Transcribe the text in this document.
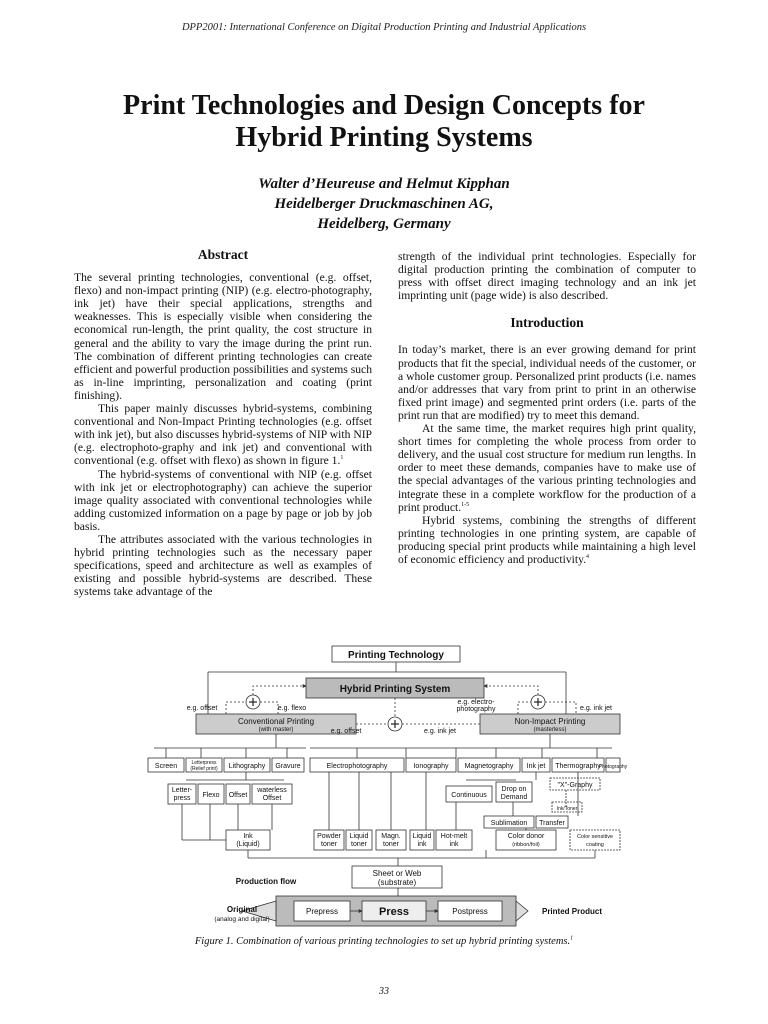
DPP2001: International Conference on Digital Production Printing and Industrial Applications
Print Technologies and Design Concepts for
Hybrid Printing Systems
Walter d’Heureuse and Helmut Kipphan
Heidelberger Druckmaschinen AG,
Heidelberg, Germany

Abstract

The several printing technologies, conventional (e.g. offset, flexo) and non-impact printing (NIP) (e.g. electro-photography, ink jet) have their special applications, strengths and weaknesses. This is especially visible when considering the economical run-length, the print quality, the cost structure in general and the ability to vary the image during the print run. The combination of different printing technologies can create efficient and powerful production possibilities and systems such as in-line imprinting, personalization and coating (print finishing).

This paper mainly discusses hybrid-systems, combining conventional and Non-Impact Printing technologies (e.g. offset with ink jet), but also discusses hybrid-systems of NIP with NIP (e.g. electrophoto-graphy and ink jet) and conventional with conventional (e.g. offset with flexo) as shown in figure 1.$^1$

The hybrid-systems of conventional with NIP (e.g. offset with ink jet or electrophotography) can achieve the superior image quality associated with conventional technologies while adding customized information on a page by page or job by job basis.

The attributes associated with the various technologies in hybrid printing technologies such as the necessary paper specifications, speed and architecture as well as examples of existing and possible hybrid-systems are described. These systems take advantage of the

strength of the individual print technologies. Especially for digital production printing the combination of computer to press with offset direct imaging technology and an ink jet imprinting unit (page wide) is also described.

Introduction

In today’s market, there is an ever growing demand for print products that fit the special, individual needs of the customer, or a whole customer group. Personalized print products (i.e. names and/or addresses that vary from print to print in an otherwise fixed print image) and segmented print orders (i.e. parts of the print run that are modified) try to meet this demand.

At the same time, the market requires high print quality, short times for completing the whole process from order to delivery, and the usual cost structure for medium run lengths. In order to meet these demands, companies have to make use of the special advantages of the various printing technologies and integrate these in a complete workflow for the production of a print product.$^{1-5}$

Hybrid systems, combining the strengths of different printing technologies in one printing system, are capable of producing special print products while maintaining a high level of economic efficiency and productivity.$^4$

Printing Technology
Hybrid Printing System
e.g. offset	e.g. flexo
e.g. electro-
photography	e.g. ink jet
e.g. offset	e.g. ink jet
Conventional Printing
(with master)
Non-Impact Printing
(masterless)
Screen	Letterpress
(Relief print) Lithography Gravure	Electrophotography	Ionography Magnetography Ink jet Thermography
Photography
Letter-
press Flexo Offset
waterless
Offset
"X"-Graphy
Ink/Toner
Continuous
Drop on
Demand
Sublimation Transfer
Ink
(Liquid)
Powder
toner
Liquid
toner
Magn.
toner
Liquid
ink
Hot-melt
ink
Color donor
(ribbon/foil)
Color sensitive
coating
Sheet or Web
(substrate)
Production flow
Original
(analog and digital)
Prepress	Press	Postpress	Printed Product
Figure 1. Combination of various printing technologies to set up hybrid printing systems.$^1$
33
